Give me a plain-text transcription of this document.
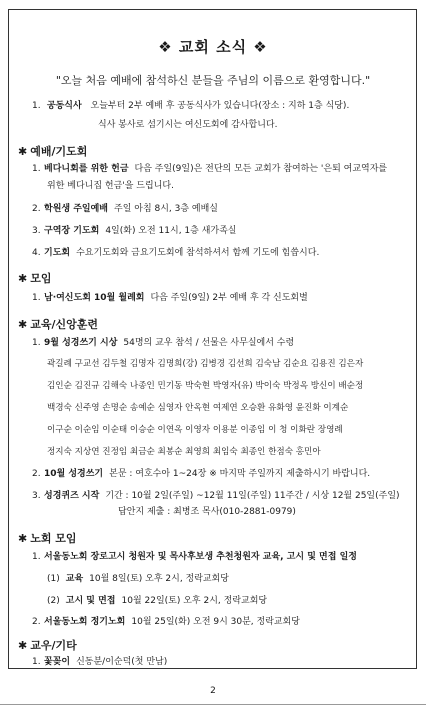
❖ 교회 소식 ❖
"오늘 처음 예배에 참석하신 분들을 주님의 이름으로 환영합니다."
1. 공동식사 오늘부터 2부 예배 후 공동식사가 있습니다(장소 : 지하 1층 식당).
식사 봉사로 섬기시는 여신도회에 감사합니다.
✱ 예배/기도회
1. 베다니회를 위한 헌금 다음 주일(9일)은 전단의 모든 교회가 참여하는 '은퇴 여교역자를
위한 베다니집 헌금'을 드립니다.
2. 학원생 주일예배 주일 아침 8시, 3층 예배실
3. 구역장 기도회 4일(화) 오전 11시, 1층 새가족실
4. 기도회 수요기도회와 금요기도회에 참석하셔서 함께 기도에 힘씁시다.
✱ 모임
1. 남·여신도회 10월 월례회 다음 주일(9일) 2부 예배 후 각 신도회별
✱ 교육/신앙훈련
1. 9월 성경쓰기 시상 54명의 교우 참석 / 선물은 사무실에서 수령
곽길례 구교선 김두철 김명자 김명희(강) 김병경 김선희 김숙남 김순요 김용진 김은자
김인순 김진규 김해숙 나종인 민기동 박숙현 박영자(유) 박이숙 박정옥 방신이 배순정
백경숙 신주영 손명순 송예순 심영자 안옥현 여제연 오승환 유화영 윤진화 이계순
이구순 이순임 이순태 이승순 이연옥 이영자 이용분 이종임 이 청 이화란 장영례
정지숙 지상연 진정임 최금순 최봉순 최영희 최임숙 최종인 한점숙 홍민아
2. 10월 성경쓰기 본문 : 여호수아 1~24장 ※ 마지막 주일까지 제출하시기 바랍니다.
3. 성경퀴즈 시작 기간 : 10월 2일(주일) ~12월 11일(주일) 11주간 / 시상 12월 25일(주일)
답안지 제출 : 최병조 목사(010-2881-0979)
✱ 노회 모임
1. 서울동노회 장로고시 청원자 및 목사후보생 추천청원자 교육, 고시 및 면접 일정
(1) 교육 10월 8일(토) 오후 2시, 정락교회당
(2) 고시 및 면접 10월 22일(토) 오후 2시, 정락교회당
2. 서울동노회 정기노회 10월 25일(화) 오전 9시 30분, 정락교회당
✱ 교우/기타
1. 꽃꽂이 신동분/이순덕(첫 만남)
2
